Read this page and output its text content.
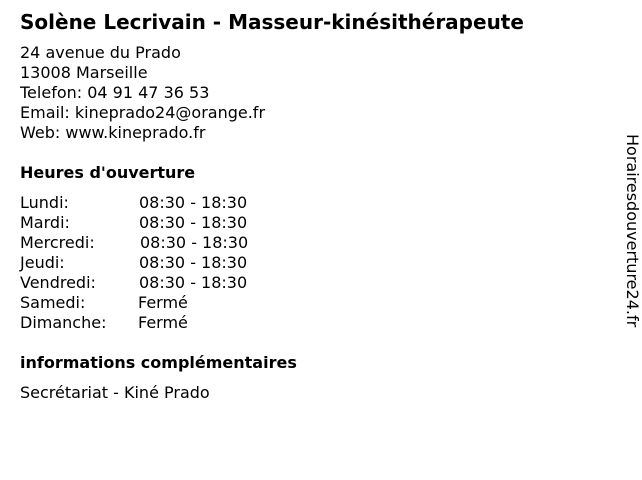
Solène Lecrivain - Masseur-kinésithérapeute
24 avenue du Prado
13008 Marseille
Telefon: 04 91 47 36 53
Email: kineprado24@orange.fr
Web: www.kineprado.fr
Heures d'ouverture
Lundi:	08:30 - 18:30
Mardi:	08:30 - 18:30
Mercredi:	08:30 - 18:30
Jeudi:	08:30 - 18:30
Vendredi:	08:30 - 18:30
Samedi:	Fermé
Dimanche: Fermé
informations complémentaires
Secrétariat - Kiné Prado
Horairesdouverture24.fr
